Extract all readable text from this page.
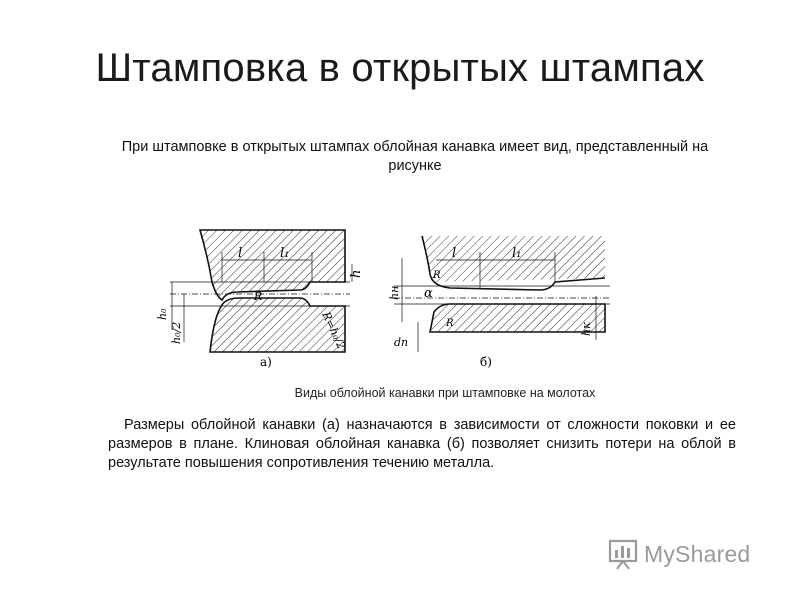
Штамповка в открытых штампах
При штамповке в открытых штампах облойная канавка имеет вид, представленный на рисунке
l	l₁
R
R=h₀/2
h
h₀
h₀/2
а)
l	l₁
R
α
R
hн
hк
dп
б)
Виды облойной канавки при штамповке на молотах
Размеры облойной канавки (а) назначаются в зависимости от сложности поковки и ее размеров в плане. Клиновая облойная канавка (б) позволяет снизить потери на облой в результате повышения сопротивления течению металла.
MyShared
